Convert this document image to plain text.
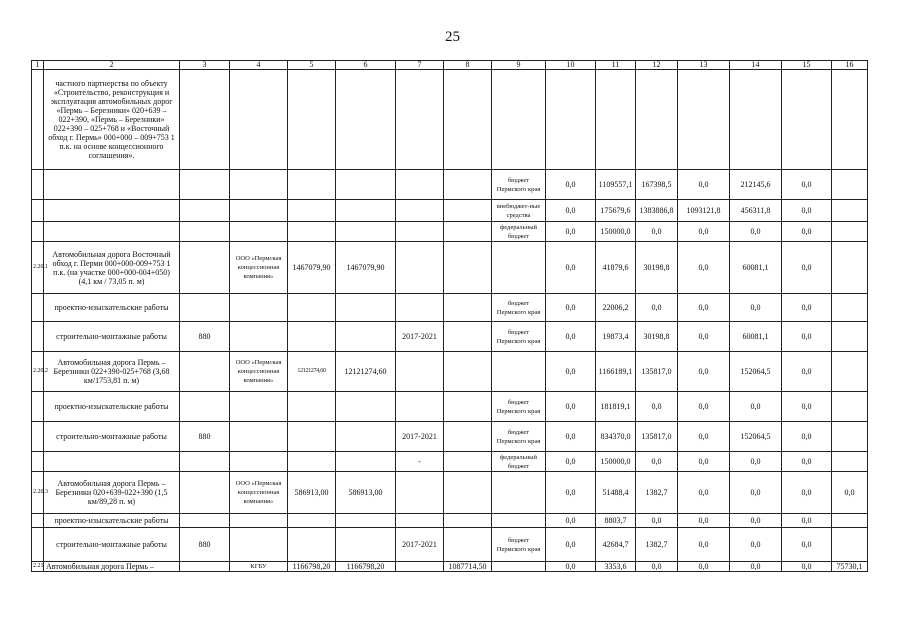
25
1	2	3	4	5	6	7	8	9	10	11	12	13	14	15	16
	частного партнерства по объекту «Строительство, реконструкция и эксплуатация автомобильных дорог «Пермь – Березники» 020+639 – 022+390, «Пермь – Березники» 022+390 – 025+768 и «Восточный обход г. Пермь» 000+000 – 009+753 1 п.к. на основе концессионного соглашения».														
								бюджет Пермского края	0,0	1109557,1	167398,5	0,0	212145,6	0,0	
								внебюджет-ные средства	0,0	175679,6	1383886,8	1093121,8	456311,8	0,0	
								федеральный бюджет	0,0	150000,0	0,0	0,0	0,0	0,0	
2.20.1	Автомобильная дорога Восточный обход г. Перми 000+000-009+753 1 п.к. (на участке 000+000-004+050) (4,1 км / 73,05 п. м)		ООО «Пермская концессионная компания»	1467079,90	1467079,90				0,0	41879,6	30198,8	0,0	60081,1	0,0	
	проектно-изыскательские работы							бюджет Пермского края	0,0	22006,2	0,0	0,0	0,0	0,0	
	строительно-монтажные работы	880				2017-2021		бюджет Пермского края	0,0	19873,4	30198,8	0,0	60081,1	0,0	
2.20.2	Автомобильная дорога Пермь – Березники 022+390-025+768 (3,68 км/1753,81 п. м)		ООО «Пермская концессионная компания»	12121274,60	12121274,60				0,0	1166189,1	135817,0	0,0	152064,5	0,0	
	проектно-изыскательские работы							бюджет Пермского края	0,0	181819,1	0,0	0,0	0,0	0,0	
	строительно-монтажные работы	880				2017-2021		бюджет Пермского края	0,0	834370,0	135817,0	0,0	152064,5	0,0	
						-		федеральный бюджет	0,0	150000,0	0,0	0,0	0,0	0,0	
2.20.3	Автомобильная дорога Пермь – Березники 020+639-022+390 (1,5 км/89,28 п. м)		ООО «Пермская концессионная компания»	586913,00	586913,00				0,0	51488,4	1382,7	0,0	0,0	0,0	0,0
	проектно-изыскательские работы								0,0	8803,7	0,0	0,0	0,0	0,0	
	строительно-монтажные работы	880				2017-2021		бюджет Пермского края	0,0	42684,7	1382,7	0,0	0,0	0,0	
2.21	Автомобильная дорога Пермь –		КГБУ	1166798,20	1166798,20		1087714,50		0,0	3353,6	0,0	0,0	0,0	0,0	75730,1
